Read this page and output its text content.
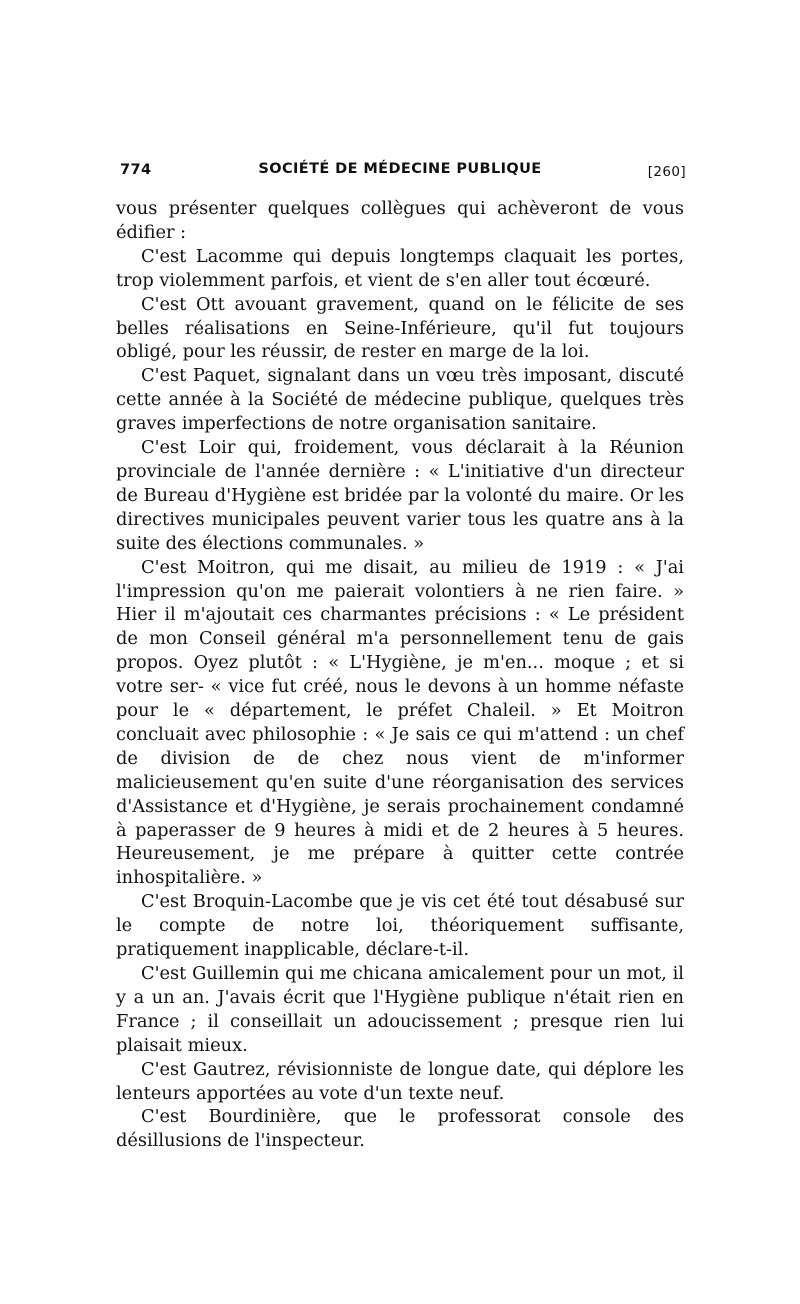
774	SOCIÉTÉ DE MÉDECINE PUBLIQUE	[260]

vous présenter quelques collègues qui achèveront de vous édifier :

C'est Lacomme qui depuis longtemps claquait les portes, trop violemment parfois, et vient de s'en aller tout écœuré.

C'est Ott avouant gravement, quand on le félicite de ses belles réalisations en Seine-Inférieure, qu'il fut toujours obligé, pour les réussir, de rester en marge de la loi.

C'est Paquet, signalant dans un vœu très imposant, discuté cette année à la Société de médecine publique, quelques très graves imperfections de notre organisation sanitaire.

C'est Loir qui, froidement, vous déclarait à la Réunion provinciale de l'année dernière : « L'initiative d'un directeur de Bureau d'Hygiène est bridée par la volonté du maire. Or les directives municipales peuvent varier tous les quatre ans à la suite des élections communales. »

C'est Moitron, qui me disait, au milieu de 1919 : « J'ai l'impression qu'on me paierait volontiers à ne rien faire. » Hier il m'ajoutait ces charmantes précisions : « Le président de mon Conseil général m'a personnellement tenu de gais propos. Oyez plutôt : « L'Hygiène, je m'en... moque ; et si votre ser- « vice fut créé, nous le devons à un homme néfaste pour le « département, le préfet Chaleil. » Et Moitron concluait avec philosophie : « Je sais ce qui m'attend : un chef de division de de chez nous vient de m'informer malicieusement qu'en suite d'une réorganisation des services d'Assistance et d'Hygiène, je serais prochainement condamné à paperasser de 9 heures à midi et de 2 heures à 5 heures. Heureusement, je me prépare à quitter cette contrée inhospitalière. »

C'est Broquin-Lacombe que je vis cet été tout désabusé sur le compte de notre loi, théoriquement suffisante, pratiquement inapplicable, déclare-t-il.

C'est Guillemin qui me chicana amicalement pour un mot, il y a un an. J'avais écrit que l'Hygiène publique n'était rien en France ; il conseillait un adoucissement ; presque rien lui plaisait mieux.

C'est Gautrez, révisionniste de longue date, qui déplore les lenteurs apportées au vote d'un texte neuf.

C'est Bourdinière, que le professorat console des désillusions de l'inspecteur.
